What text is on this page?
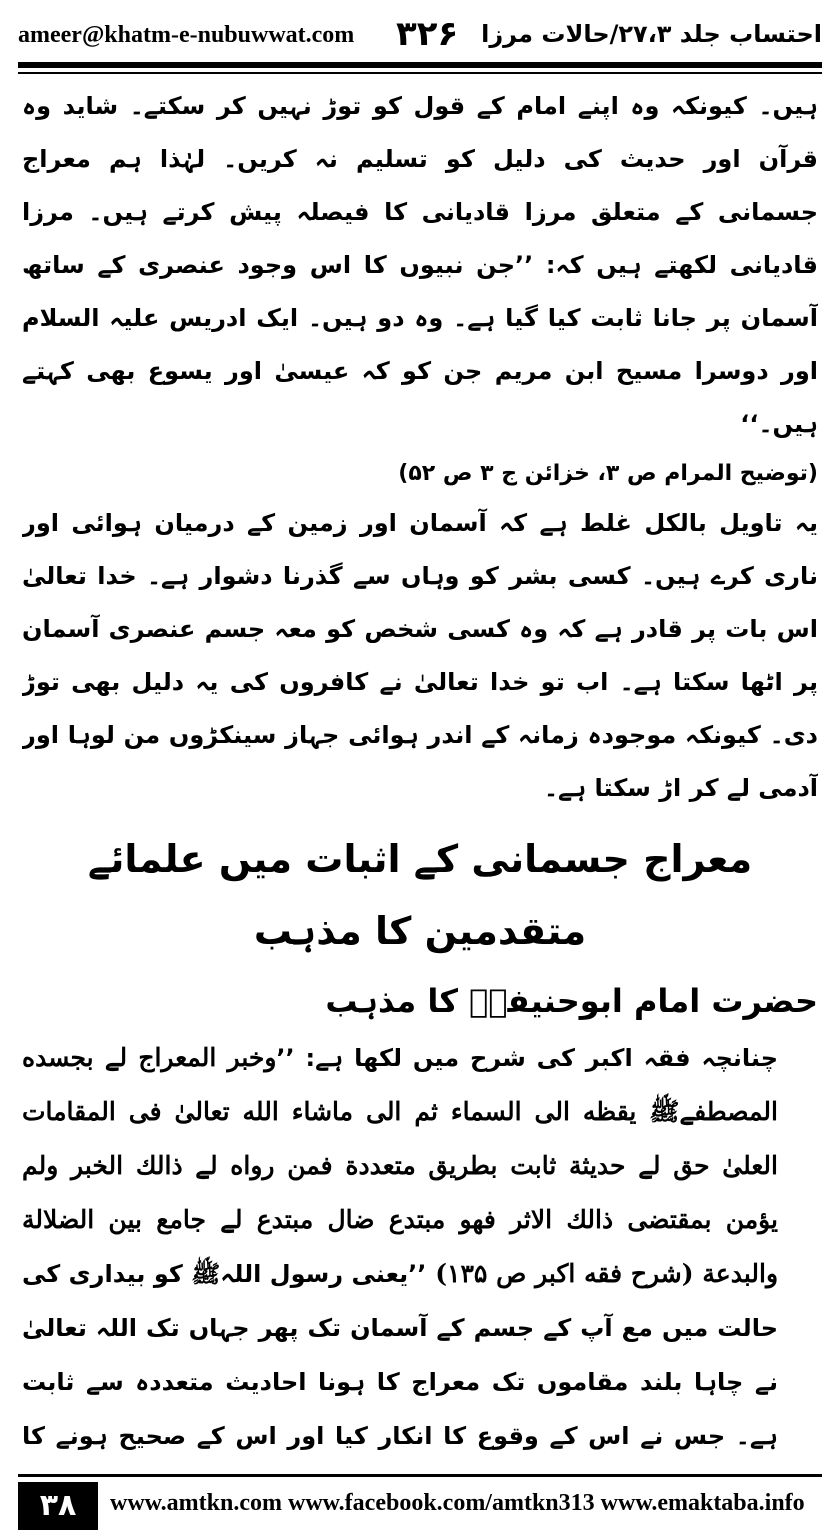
ameer@khatm-e-nubuwwat.com ۳۲۶ احتساب جلد ۲۷،۳/حالات مرزا

ہیں۔ کیونکہ وہ اپنے امام کے قول کو توڑ نہیں کر سکتے۔ شاید وہ قرآن اور حدیث کی دلیل کو تسلیم نہ کریں۔ لہٰذا ہم معراج جسمانی کے متعلق مرزا قادیانی کا فیصلہ پیش کرتے ہیں۔ مرزا قادیانی لکھتے ہیں کہ: ’’جن نبیوں کا اس وجود عنصری کے ساتھ آسمان پر جانا ثابت کیا گیا ہے۔ وہ دو ہیں۔ ایک ادریس علیہ السلام اور دوسرا مسیح ابن مریم جن کو کہ عیسیٰ اور یسوع بھی کہتے ہیں۔‘‘

(توضیح المرام ص ۳، خزائن ج ۳ ص ۵۲)

یہ تاویل بالکل غلط ہے کہ آسمان اور زمین کے درمیان ہوائی اور ناری کرے ہیں۔ کسی بشر کو وہاں سے گذرنا دشوار ہے۔ خدا تعالیٰ اس بات پر قادر ہے کہ وہ کسی شخص کو معہ جسم عنصری آسمان پر اٹھا سکتا ہے۔ اب تو خدا تعالیٰ نے کافروں کی یہ دلیل بھی توڑ دی۔ کیونکہ موجودہ زمانہ کے اندر ہوائی جہاز سینکڑوں من لوہا اور آدمی لے کر اڑ سکتا ہے۔

معراج جسمانی کے اثبات میں علمائے متقدمین کا مذہب
حضرت امام ابوحنیفہؒ کا مذہب

چنانچہ فقہ اکبر کی شرح میں لکھا ہے: ’’وخبر المعراج لے بجسده المصطفےﷺ یقظه الی السماء ثم الی ماشاء الله تعالیٰ فی المقامات العلیٰ حق لے حدیثة ثابت بطریق متعددة فمن رواه لے ذالك الخبر ولم یؤمن بمقتضی ذالك الاثر فهو مبتدع ضال مبتدع لے جامع بین الضلالة والبدعة (شرح فقه اکبر ص ۱۳۵) ’’یعنی رسول اللہﷺ کو بیداری کی حالت میں مع آپ کے جسم کے آسمان تک پھر جہاں تک اللہ تعالیٰ نے چاہا بلند مقاموں تک معراج کا ہونا احادیث متعددہ سے ثابت ہے۔ جس نے اس کے وقوع کا انکار کیا اور اس کے صحیح ہونے کا

۳۸	www.amtkn.com www.facebook.com/amtkn313 www.emaktaba.info
